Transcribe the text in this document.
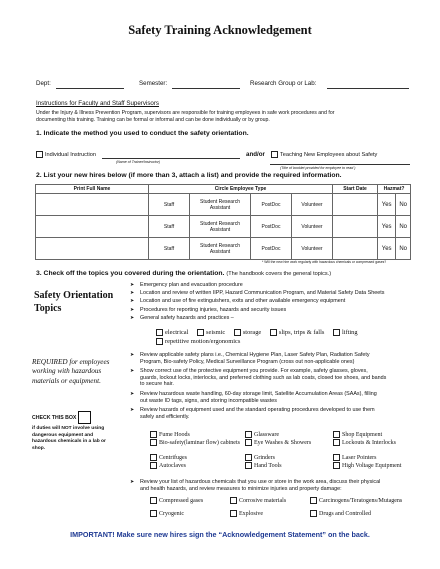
Safety Training Acknowledgement
Dept:	Semester:	Research Group or Lab:
Instructions for Faculty and Staff Supervisors
Under the Injury & Illness Prevention Program, supervisors are responsible for training employees in safe work procedures and for
documenting this training. Training can be formal or informal and can be done individually or by group.
1. Indicate the method you used to conduct the safety orientation.
Individual Instruction
(Name of Trainer/Instructor)
and/or	Teaching New Employees about Safety
(Title of booklet provided for employee to read )
2. List your new hires below (if more than 3, attach a list) and provide the required information.
Print Full Name	Circle Employee Type				Start Date	Hazmat?	
	Staff	Student Research Assistant	PostDoc	Volunteer		Yes	No
	Staff	Student Research Assistant	PostDoc	Volunteer		Yes	No
	Staff	Student Research Assistant	PostDoc	Volunteer		Yes	No
* Will the new hire work regularly with hazardous chemicals or compressed gases?
3. Check off the topics you covered during the orientation. (The handbook covers the general topics.)
Safety Orientation
Topics
➤ Emergency plan and evacuation procedure
➤ Location and review of written IIPP, Hazard Communication Program, and Material Safety Data Sheets
➤ Location and use of fire extinguishers, exits and other available emergency equipment
➤ Procedures for reporting injuries, hazards and security issues
➤ General safety hazards and practices –
electrical	seismic	storage	slips, trips & falls	lifting
repetitive motion/ergonomics
REQUIRED for employees
working with hazardous
materials or equipment.
CHECK THIS BOX
if duties will NOT involve using
dangerous equipment and
hazardous chemicals in a lab or
shop.
➤ Review applicable safety plans i.e., Chemical Hygiene Plan, Laser Safety Plan, Radiation Safety
Program, Bio-safety Policy, Medical Surveillance Program (cross out non-applicable ones)
➤ Show correct use of the protective equipment you provide. For example, safety glasses, gloves,
guards, lockout locks, interlocks, and preferred clothing such as lab coats, closed toe shoes, and bands
to secure hair.
➤ Review hazardous waste handling, 60-day storage limit, Satellite Accumulation Areas (SAAs), filling
out waste ID tags, signs, and storing incompatible wastes
➤ Review hazards of equipment used and the standard operating procedures developed to use them
safely and efficiently.
Fume Hoods	Glassware	Shop Equipment
Bio-safety(laminar flow) cabinets	Eye Washes & Showers	Lockouts & Interlocks
Centrifuges	Grinders	Laser Pointers
Autoclaves	Hand Tools	High Voltage Equipment
➤ Review your list of hazardous chemicals that you use or store in the work area, discuss their physical
and health hazards, and review measures to minimize injuries and property damage:
Compressed gases	Corrosive materials	Carcinogens/Teratogens/Mutagens
Cryogenic	Explosive	Drugs and Controlled
IMPORTANT! Make sure new hires sign the “Acknowledgement Statement” on the back.
